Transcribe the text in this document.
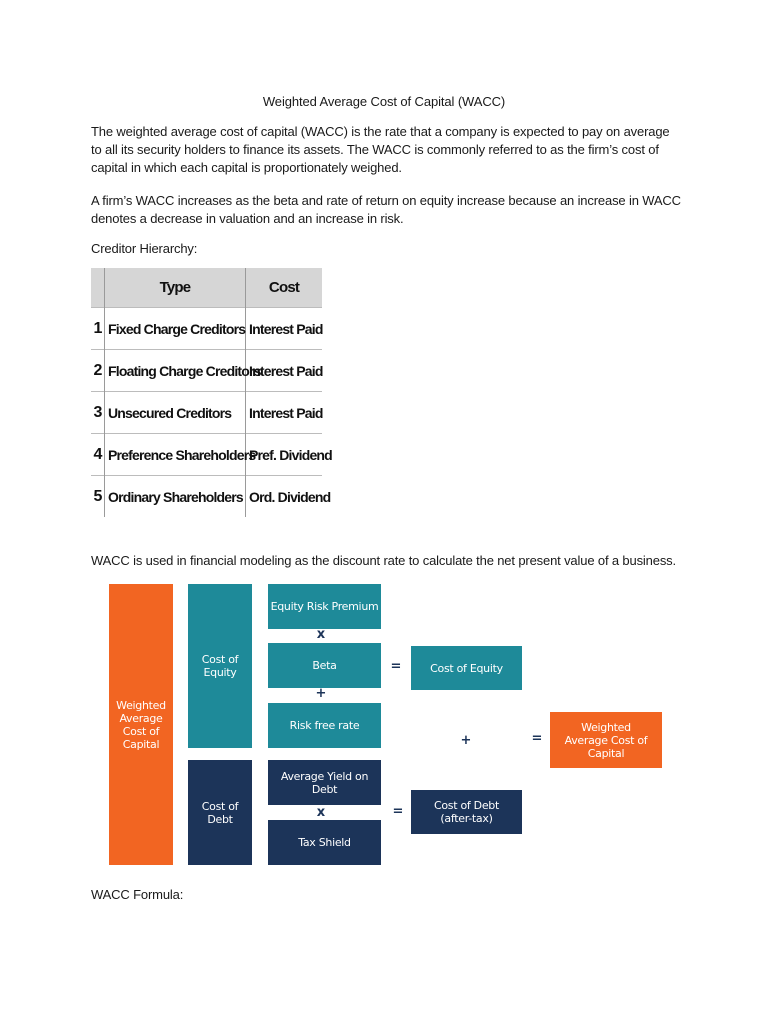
Weighted Average Cost of Capital (WACC)

The weighted average cost of capital (WACC) is the rate that a company is expected to pay on average to all its security holders to finance its assets. The WACC is commonly referred to as the firm’s cost of capital in which each capital is proportionately weighed.

A firm’s WACC increases as the beta and rate of return on equity increase because an increase in WACC denotes a decrease in valuation and an increase in risk.

Creditor Hierarchy:

	Type	Cost
1	Fixed Charge Creditors	Interest Paid
2	Floating Charge Creditors	Interest Paid
3	Unsecured Creditors	Interest Paid
4	Preference Shareholders	Pref. Dividend
5	Ordinary Shareholders	Ord. Dividend

WACC is used in financial modeling as the discount rate to calculate the net present value of a business.

Weighted Average Cost of Capital
Cost of Equity
Cost of Debt
Equity Risk Premium
x
Beta
+
Risk free rate
Average Yield on Debt
x
Tax Shield
=	Cost of Equity
=	Cost of Debt (after-tax)
+	=
Weighted Average Cost of Capital

WACC Formula:
